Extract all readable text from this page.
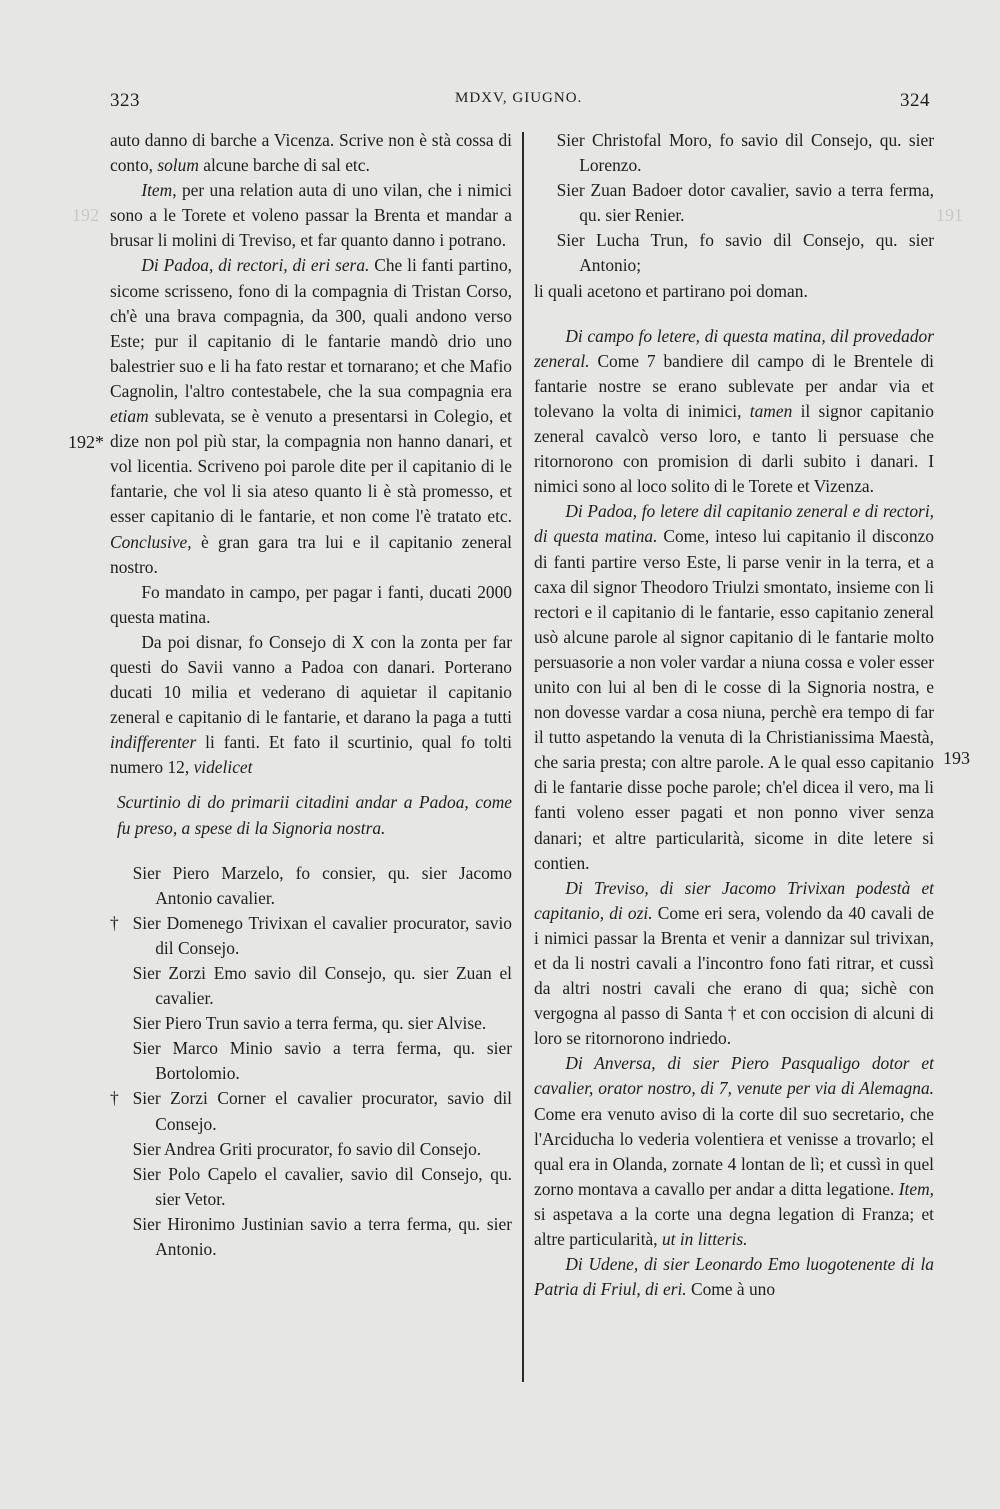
323	MDXV, GIUGNO.	324
192	191
192*
193

auto danno di barche a Vicenza. Scrive non è stà cossa di conto, solum alcune barche di sal etc.

Item, per una relation auta di uno vilan, che i nimici sono a le Torete et voleno passar la Brenta et mandar a brusar li molini di Treviso, et far quanto danno i potrano.

Di Padoa, di rectori, di eri sera. Che li fanti partino, sicome scrisseno, fono di la compagnia di Tristan Corso, ch'è una brava compagnia, da 300, quali andono verso Este; pur il capitanio di le fantarie mandò drio uno balestrier suo e li ha fato restar et tornarano; et che Mafio Cagnolin, l'altro contestabele, che la sua compagnia era etiam sublevata, se è venuto a presentarsi in Colegio, et dize non pol più star, la compagnia non hanno danari, et vol licentia. Scriveno poi parole dite per il capitanio di le fantarie, che vol li sia ateso quanto li è stà promesso, et esser capitanio di le fantarie, et non come l'è tratato etc. Conclusive, è gran gara tra lui e il capitanio zeneral nostro.

Fo mandato in campo, per pagar i fanti, ducati 2000 questa matina.

Da poi disnar, fo Consejo di X con la zonta per far questi do Savii vanno a Padoa con danari. Porterano ducati 10 milia et vederano di aquietar il capitanio zeneral e capitanio di le fantarie, et darano la paga a tutti indifferenter li fanti. Et fato il scurtinio, qual fo tolti numero 12, videlicet

Scurtinio di do primarii citadini andar a Padoa, come fu preso, a spese di la Signoria nostra.

Sier Piero Marzelo, fo consier, qu. sier Jacomo Antonio cavalier.

† Sier Domenego Trivixan el cavalier procurator, savio dil Consejo.

Sier Zorzi Emo savio dil Consejo, qu. sier Zuan el cavalier.

Sier Piero Trun savio a terra ferma, qu. sier Alvise.

Sier Marco Minio savio a terra ferma, qu. sier Bortolomio.

† Sier Zorzi Corner el cavalier procurator, savio dil Consejo.

Sier Andrea Griti procurator, fo savio dil Consejo.

Sier Polo Capelo el cavalier, savio dil Consejo, qu. sier Vetor.

Sier Hironimo Justinian savio a terra ferma, qu. sier Antonio.

Sier Christofal Moro, fo savio dil Consejo, qu. sier Lorenzo.

Sier Zuan Badoer dotor cavalier, savio a terra ferma, qu. sier Renier.

Sier Lucha Trun, fo savio dil Consejo, qu. sier Antonio;

li quali acetono et partirano poi doman.

Di campo fo letere, di questa matina, dil provedador zeneral. Come 7 bandiere dil campo di le Brentele di fantarie nostre se erano sublevate per andar via et tolevano la volta di inimici, tamen il signor capitanio zeneral cavalcò verso loro, e tanto li persuase che ritornorono con promision di darli subito i danari. I nimici sono al loco solito di le Torete et Vizenza.

Di Padoa, fo letere dil capitanio zeneral e di rectori, di questa matina. Come, inteso lui capitanio il disconzo di fanti partire verso Este, li parse venir in la terra, et a caxa dil signor Theodoro Triulzi smontato, insieme con li rectori e il capitanio di le fantarie, esso capitanio zeneral usò alcune parole al signor capitanio di le fantarie molto persuasorie a non voler vardar a niuna cossa e voler esser unito con lui al ben di le cosse di la Signoria nostra, e non dovesse vardar a cosa niuna, perchè era tempo di far il tutto aspetando la venuta di la Christianissima Maestà, che saria presta; con altre parole. A le qual esso capitanio di le fantarie disse poche parole; ch'el dicea il vero, ma li fanti voleno esser pagati et non ponno viver senza danari; et altre particularità, sicome in dite letere si contien.

Di Treviso, di sier Jacomo Trivixan podestà et capitanio, di ozi. Come eri sera, volendo da 40 cavali de i nimici passar la Brenta et venir a dannizar sul trivixan, et da li nostri cavali a l'incontro fono fati ritrar, et cussì da altri nostri cavali che erano di qua; sichè con vergogna al passo di Santa † et con occision di alcuni di loro se ritornorono indriedo.

Di Anversa, di sier Piero Pasqualigo dotor et cavalier, orator nostro, di 7, venute per via di Alemagna. Come era venuto aviso di la corte dil suo secretario, che l'Arciducha lo vederia volentiera et venisse a trovarlo; el qual era in Olanda, zornate 4 lontan de lì; et cussì in quel zorno montava a cavallo per andar a ditta legatione. Item, si aspetava a la corte una degna legation di Franza; et altre particularità, ut in litteris.

Di Udene, di sier Leonardo Emo luogotenente di la Patria di Friul, di eri. Come à uno
